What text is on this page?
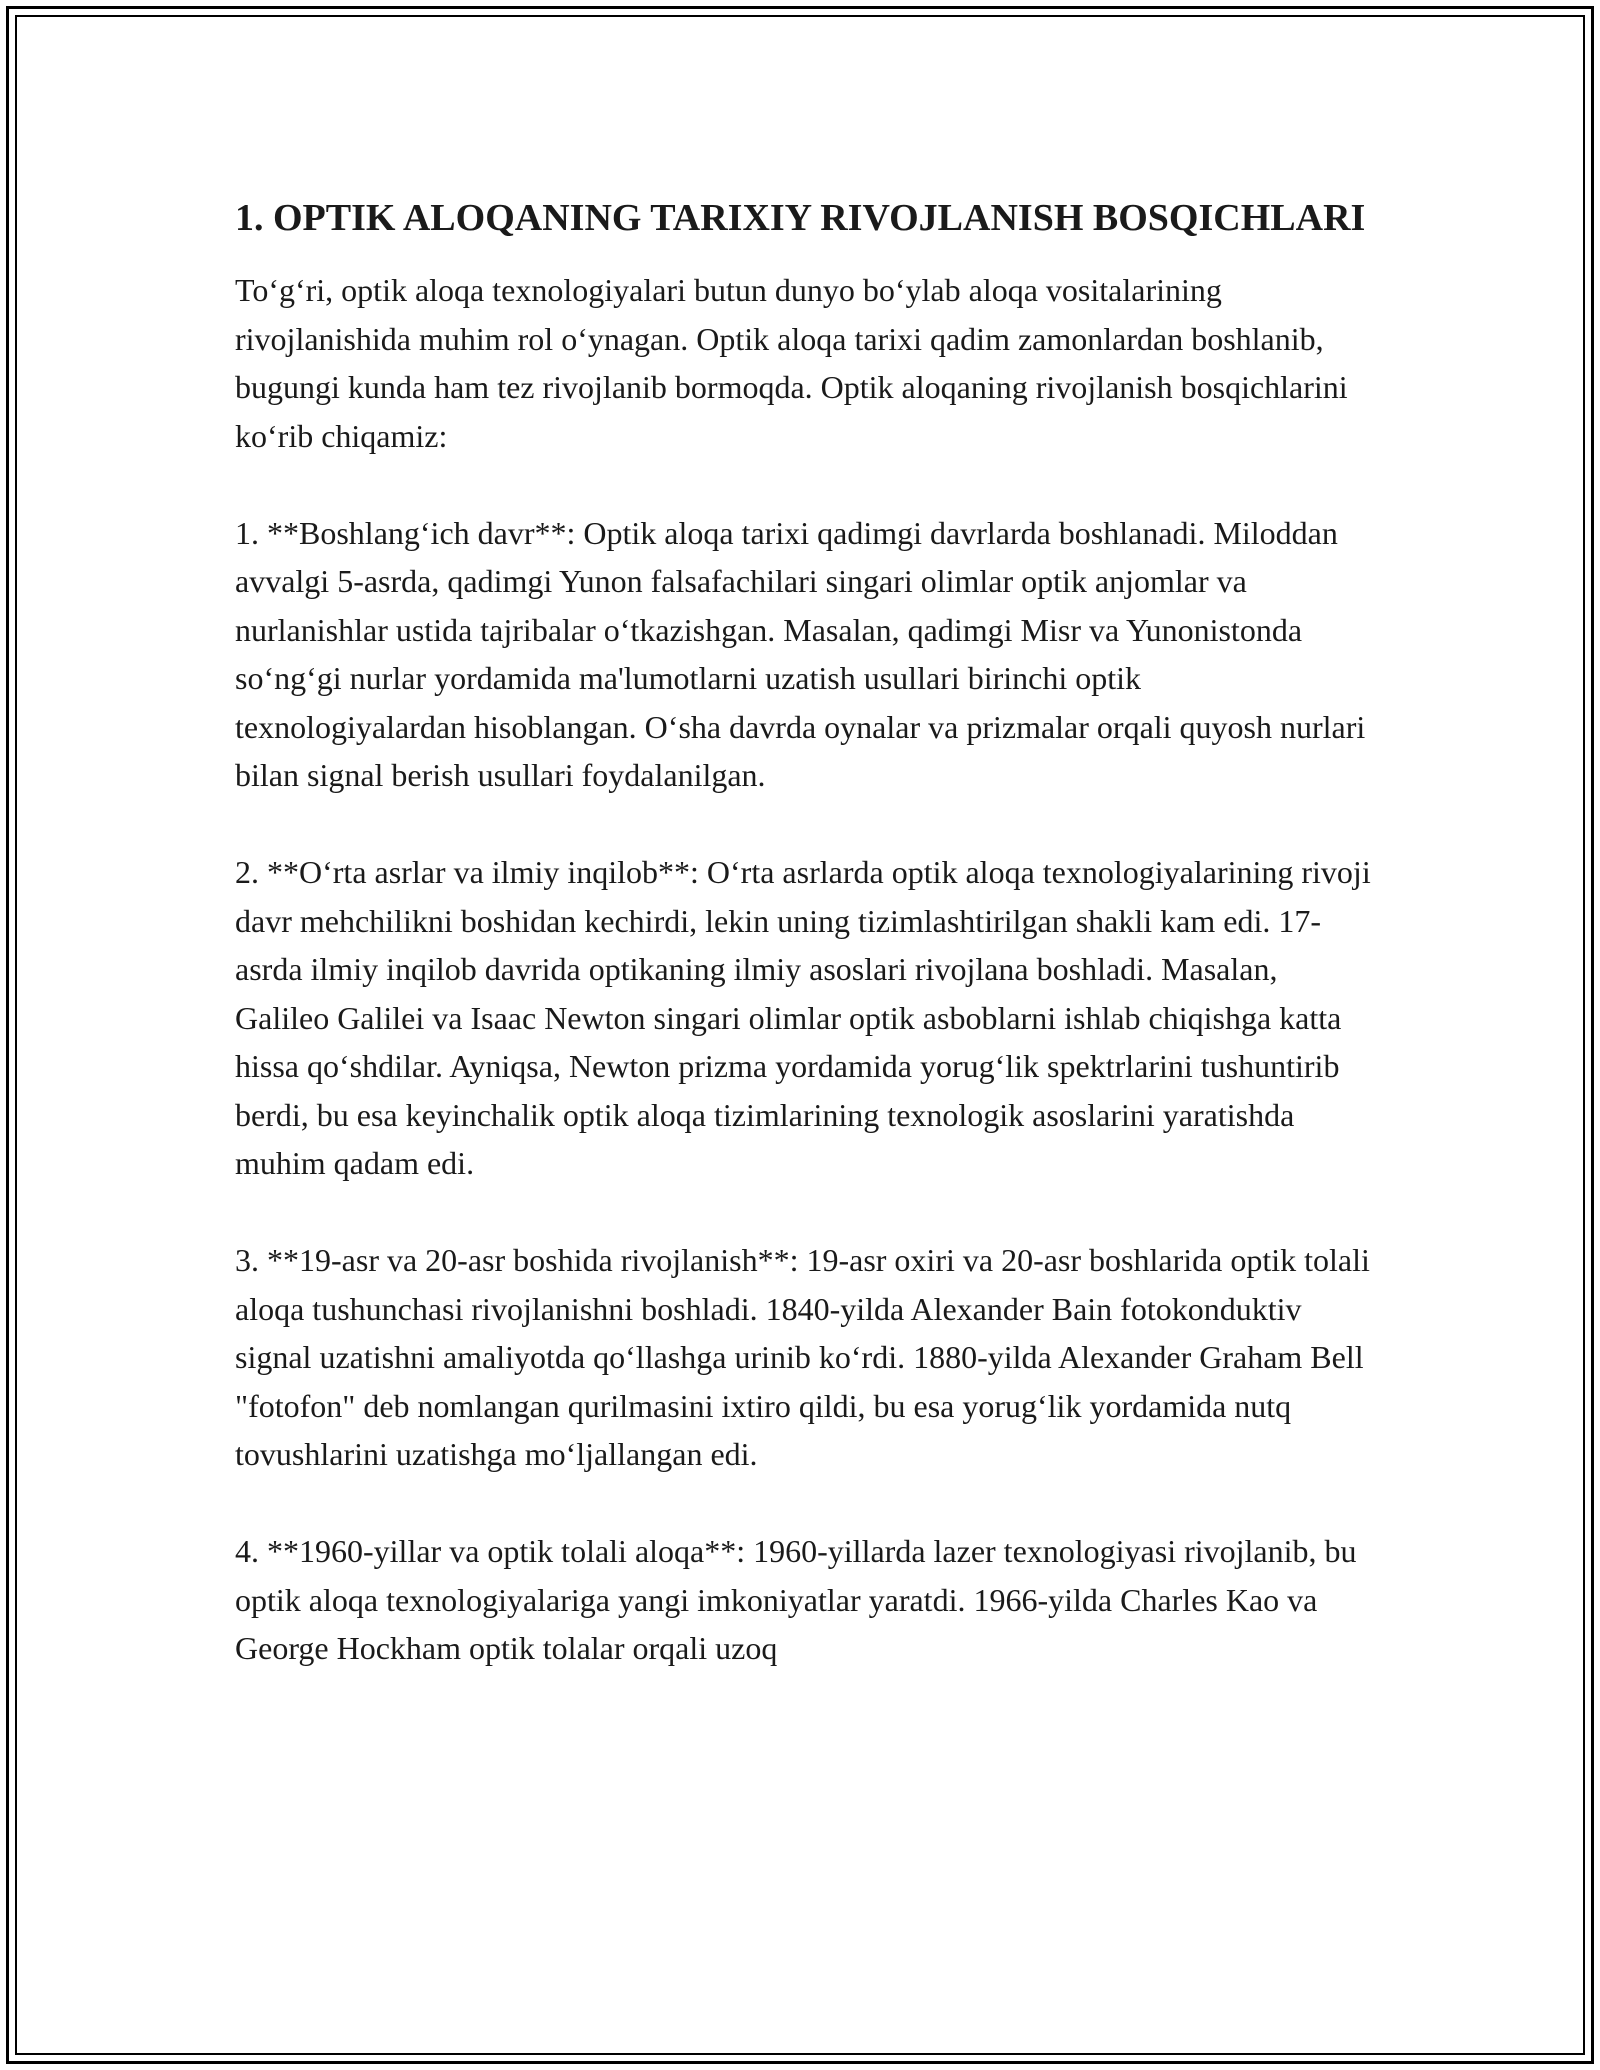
1. OPTIK ALOQANING TARIXIY RIVOJLANISH BOSQICHLARI

To‘g‘ri, optik aloqa texnologiyalari butun dunyo bo‘ylab aloqa vositalarining rivojlanishida muhim rol o‘ynagan. Optik aloqa tarixi qadim zamonlardan boshlanib, bugungi kunda ham tez rivojlanib bormoqda. Optik aloqaning rivojlanish bosqichlarini ko‘rib chiqamiz:

1. **Boshlang‘ich davr**: Optik aloqa tarixi qadimgi davrlarda boshlanadi. Miloddan avvalgi 5-asrda, qadimgi Yunon falsafachilari singari olimlar optik anjomlar va nurlanishlar ustida tajribalar o‘tkazishgan. Masalan, qadimgi Misr va Yunonistonda so‘ng‘gi nurlar yordamida ma'lumotlarni uzatish usullari birinchi optik texnologiyalardan hisoblangan. O‘sha davrda oynalar va prizmalar orqali quyosh nurlari bilan signal berish usullari foydalanilgan.

2. **O‘rta asrlar va ilmiy inqilob**: O‘rta asrlarda optik aloqa texnologiyalarining rivoji davr mehchilikni boshidan kechirdi, lekin uning tizimlashtirilgan shakli kam edi. 17-asrda ilmiy inqilob davrida optikaning ilmiy asoslari rivojlana boshladi. Masalan, Galileo Galilei va Isaac Newton singari olimlar optik asboblarni ishlab chiqishga katta hissa qo‘shdilar. Ayniqsa, Newton prizma yordamida yorug‘lik spektrlarini tushuntirib berdi, bu esa keyinchalik optik aloqa tizimlarining texnologik asoslarini yaratishda muhim qadam edi.

3. **19-asr va 20-asr boshida rivojlanish**: 19-asr oxiri va 20-asr boshlarida optik tolali aloqa tushunchasi rivojlanishni boshladi. 1840-yilda Alexander Bain fotokonduktiv signal uzatishni amaliyotda qo‘llashga urinib ko‘rdi. 1880-yilda Alexander Graham Bell "fotofon" deb nomlangan qurilmasini ixtiro qildi, bu esa yorug‘lik yordamida nutq tovushlarini uzatishga mo‘ljallangan edi.

4. **1960-yillar va optik tolali aloqa**: 1960-yillarda lazer texnologiyasi rivojlanib, bu optik aloqa texnologiyalariga yangi imkoniyatlar yaratdi. 1966-yilda Charles Kao va George Hockham optik tolalar orqali uzoq
